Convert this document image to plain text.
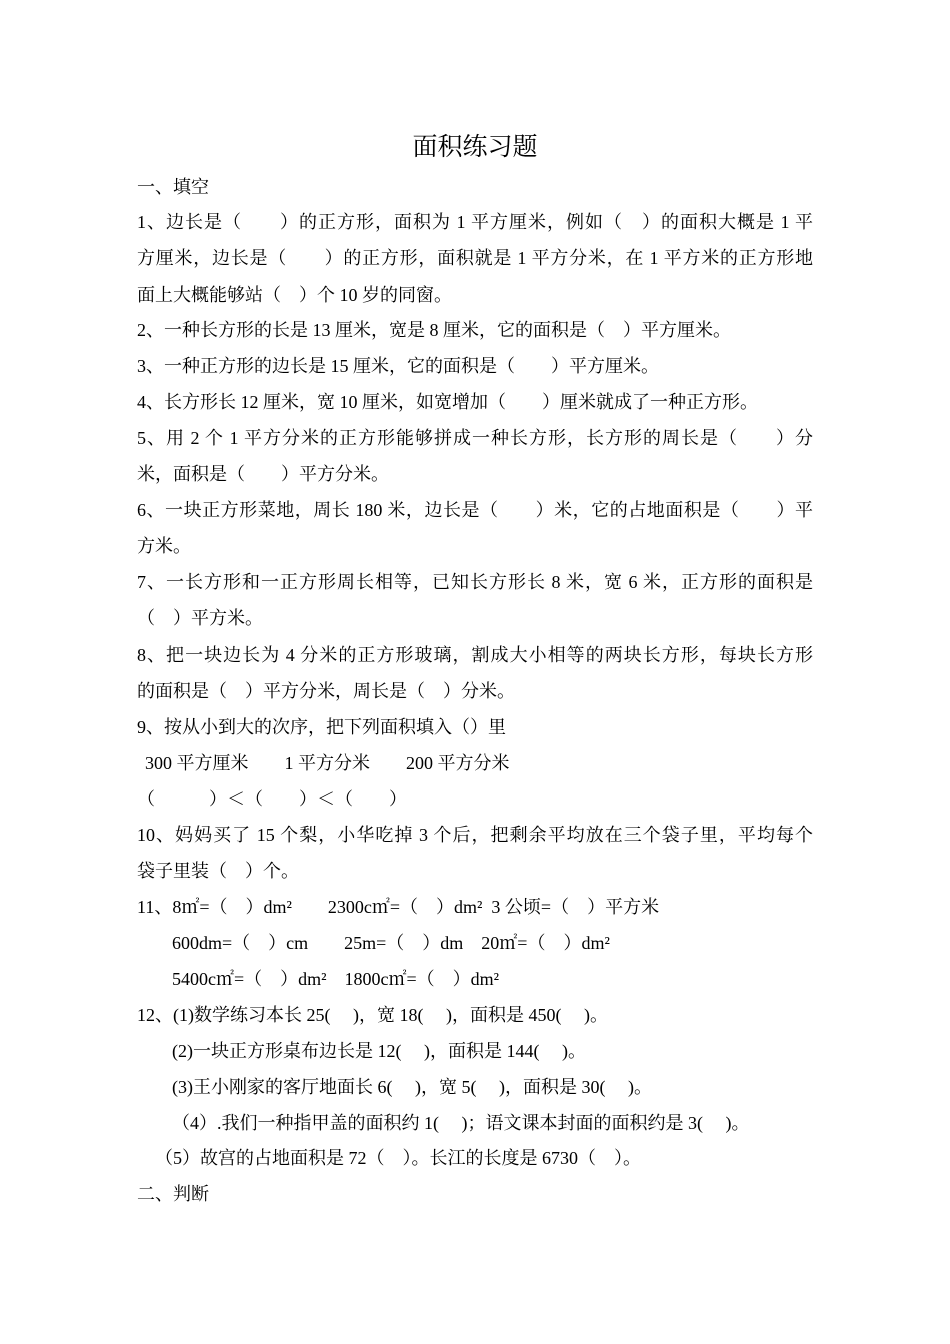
面积练习题
一、填空
1、边长是（　　）的正方形，面积为 1 平方厘米，例如（　）的面积大概是 1 平
方厘米，边长是（　　）的正方形，面积就是 1 平方分米，在 1 平方米的正方形地
面上大概能够站（　）个 10 岁的同窗。
2、一种长方形的长是 13 厘米，宽是 8 厘米，它的面积是（　）平方厘米。
3、一种正方形的边长是 15 厘米，它的面积是（　　）平方厘米。
4、长方形长 12 厘米，宽 10 厘米，如宽增加（　　）厘米就成了一种正方形。
5、用 2 个 1 平方分米的正方形能够拼成一种长方形，长方形的周长是（　　）分
米，面积是（　　）平方分米。
6、一块正方形菜地，周长 180 米，边长是（　　）米，它的占地面积是（　　）平
方米。
7、一长方形和一正方形周长相等，已知长方形长 8 米，宽 6 米，正方形的面积是
（　）平方米。
8、把一块边长为 4 分米的正方形玻璃，割成大小相等的两块长方形，每块长方形
的面积是（　）平方分米，周长是（　）分米。
9、按从小到大的次序，把下列面积填入（）里
300 平方厘米　　1 平方分米　　200 平方分米
（　　　）＜（　　）＜（　　）
10、妈妈买了 15 个梨，小华吃掉 3 个后，把剩余平均放在三个袋子里，平均每个
袋子里装（　）个。
11、8㎡=（　）dm²　　2300c㎡=（　）dm²  3 公顷=（　）平方米
600dm=（　）cm　　25m=（　）dm　20㎡=（　）dm²
5400c㎡=（　）dm²　1800c㎡=（　）dm²
12、(1)数学练习本长 25(　 )，宽 18(　 )，面积是 450(　 )。
(2)一块正方形桌布边长是 12(　 )，面积是 144(　 )。
(3)王小刚家的客厅地面长 6(　 )，宽 5(　 )，面积是 30(　 )。
（4）.我们一种指甲盖的面积约 1(　 )；语文课本封面的面积约是 3(　 )。
（5）故宫的占地面积是 72（　）。长江的长度是 6730（　）。
二、判断
